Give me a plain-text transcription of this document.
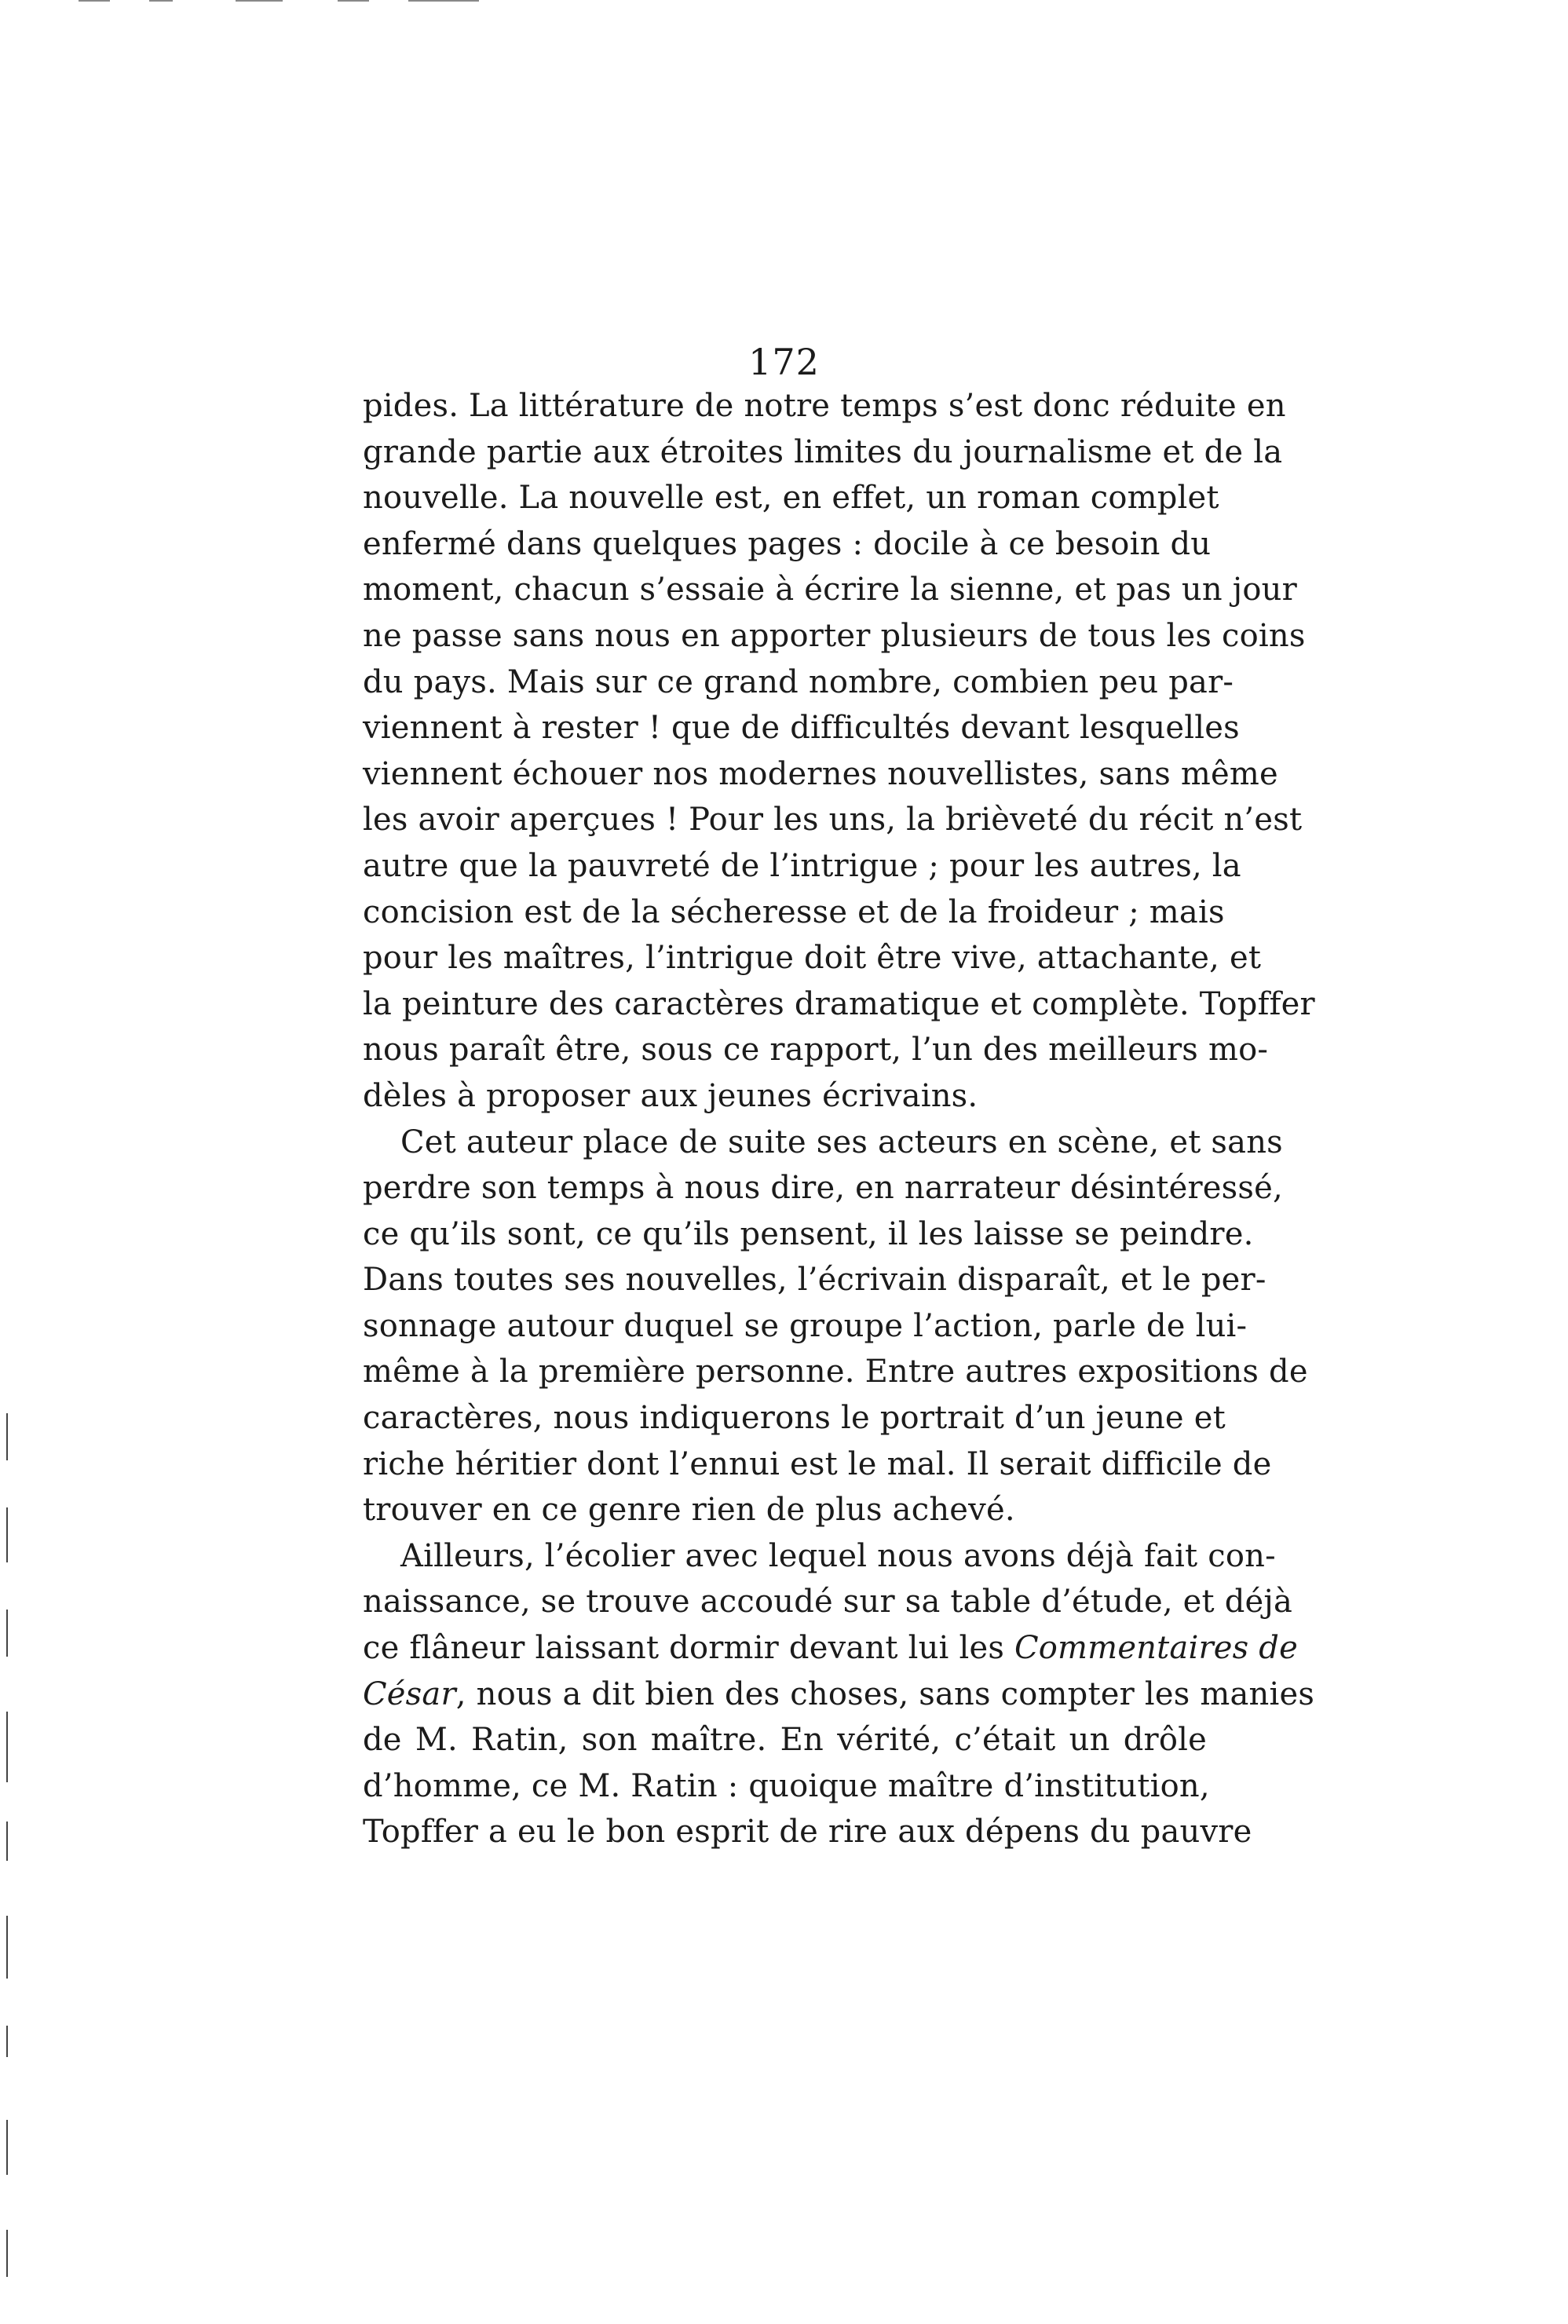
172
pides. La littérature de notre temps s’est donc réduite en
grande partie aux étroites limites du journalisme et de la
nouvelle. La nouvelle est, en effet, un roman complet
enfermé dans quelques pages : docile à ce besoin du
moment, chacun s’essaie à écrire la sienne, et pas un jour
ne passe sans nous en apporter plusieurs de tous les coins
du pays. Mais sur ce grand nombre, combien peu par-
viennent à rester ! que de difficultés devant lesquelles
viennent échouer nos modernes nouvellistes, sans même
les avoir aperçues ! Pour les uns, la brièveté du récit n’est
autre que la pauvreté de l’intrigue ; pour les autres, la
concision est de la sécheresse et de la froideur ; mais
pour les maîtres, l’intrigue doit être vive, attachante, et
la peinture des caractères dramatique et complète. Topffer
nous paraît être, sous ce rapport, l’un des meilleurs mo-
dèles à proposer aux jeunes écrivains.
Cet auteur place de suite ses acteurs en scène, et sans
perdre son temps à nous dire, en narrateur désintéressé,
ce qu’ils sont, ce qu’ils pensent, il les laisse se peindre.
Dans toutes ses nouvelles, l’écrivain disparaît, et le per-
sonnage autour duquel se groupe l’action, parle de lui-
même à la première personne. Entre autres expositions de
caractères, nous indiquerons le portrait d’un jeune et
riche héritier dont l’ennui est le mal. Il serait difficile de
trouver en ce genre rien de plus achevé.
Ailleurs, l’écolier avec lequel nous avons déjà fait con-
naissance, se trouve accoudé sur sa table d’étude, et déjà
ce flâneur laissant dormir devant lui les Commentaires de
César, nous a dit bien des choses, sans compter les manies
de M. Ratin, son maître. En vérité, c’était un drôle
d’homme, ce M. Ratin : quoique maître d’institution,
Topffer a eu le bon esprit de rire aux dépens du pauvre
